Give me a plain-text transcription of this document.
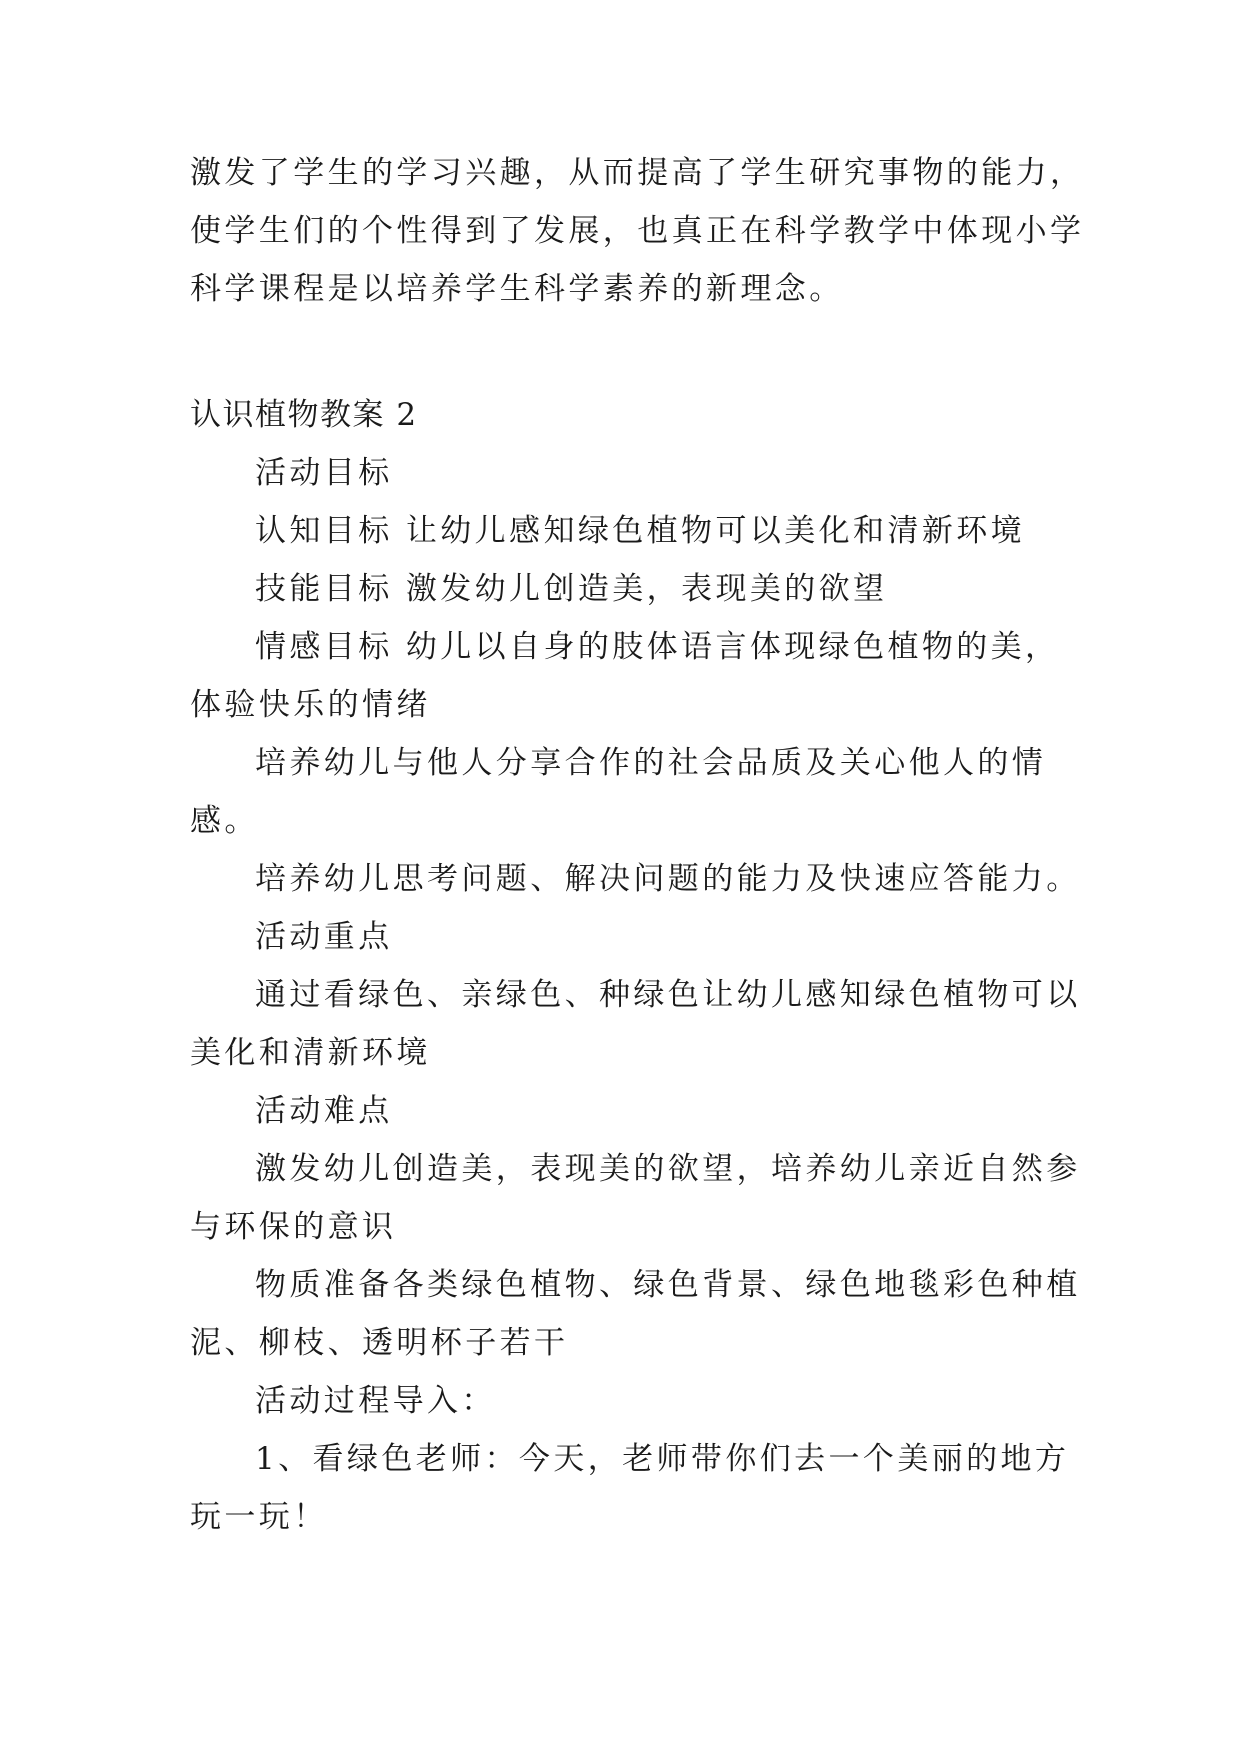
激发了学生的学习兴趣，从而提高了学生研究事物的能力，
使学生们的个性得到了发展，也真正在科学教学中体现小学
科学课程是以培养学生科学素养的新理念。
认识植物教案 2
活动目标
认知目标 让幼儿感知绿色植物可以美化和清新环境
技能目标 激发幼儿创造美，表现美的欲望
情感目标 幼儿以自身的肢体语言体现绿色植物的美，
体验快乐的情绪
培养幼儿与他人分享合作的社会品质及关心他人的情
感。
培养幼儿思考问题、解决问题的能力及快速应答能力。
活动重点
通过看绿色、亲绿色、种绿色让幼儿感知绿色植物可以
美化和清新环境
活动难点
激发幼儿创造美，表现美的欲望，培养幼儿亲近自然参
与环保的意识
物质准备各类绿色植物、绿色背景、绿色地毯彩色种植
泥、柳枝、透明杯子若干
活动过程导入：
1、看绿色老师：今天，老师带你们去一个美丽的地方
玩一玩！
